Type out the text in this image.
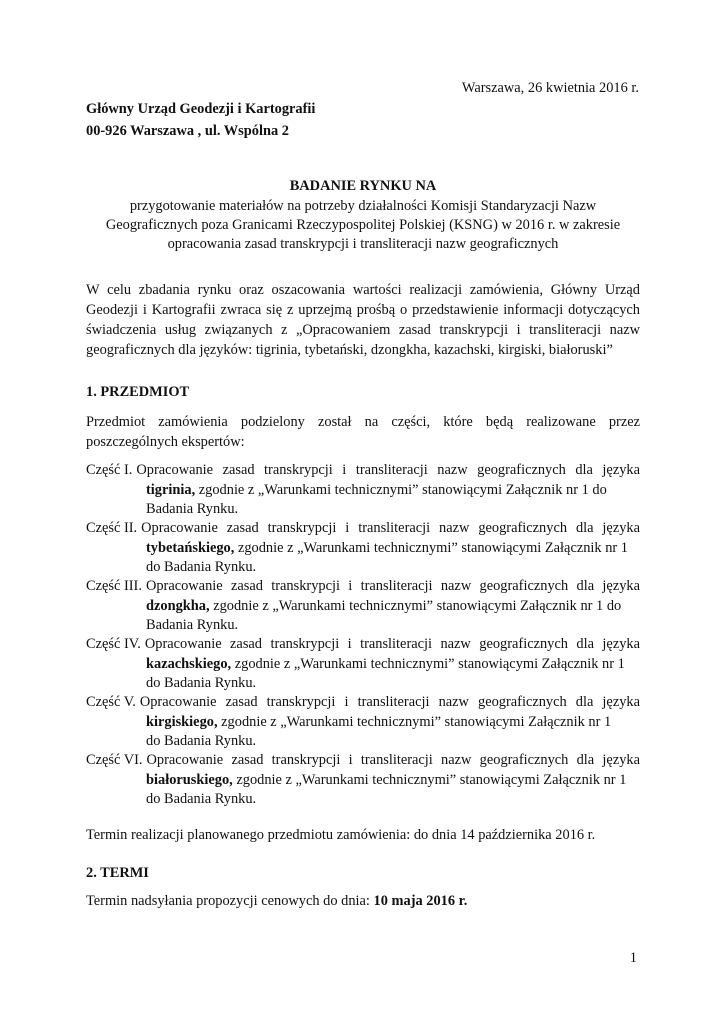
Warszawa, 26 kwietnia 2016 r.
Główny Urząd Geodezji i Kartografii
00-926 Warszawa , ul. Wspólna 2
BADANIE RYNKU NA
przygotowanie materiałów na potrzeby działalności Komisji Standaryzacji Nazw
Geograficznych poza Granicami Rzeczypospolitej Polskiej (KSNG) w 2016 r. w zakresie
opracowania zasad transkrypcji i transliteracji nazw geograficznych
W celu zbadania rynku oraz oszacowania wartości realizacji zamówienia, Główny Urząd
Geodezji i Kartografii zwraca się z uprzejmą prośbą o przedstawienie informacji dotyczących
świadczenia usług związanych z „Opracowaniem zasad transkrypcji i transliteracji nazw
geograficznych dla języków: tigrinia, tybetański, dzongkha, kazachski, kirgiski, białoruski”
1. PRZEDMIOT
Przedmiot zamówienia podzielony został na części, które będą realizowane przez
poszczególnych ekspertów:
Część I. Opracowanie zasad transkrypcji i transliteracji nazw geograficznych dla języka
tigrinia, zgodnie z „Warunkami technicznymi” stanowiącymi Załącznik nr 1 do
Badania Rynku.
Część II. Opracowanie zasad transkrypcji i transliteracji nazw geograficznych dla języka
tybetańskiego, zgodnie z „Warunkami technicznymi” stanowiącymi Załącznik nr 1
do Badania Rynku.
Część III. Opracowanie zasad transkrypcji i transliteracji nazw geograficznych dla języka
dzongkha, zgodnie z „Warunkami technicznymi” stanowiącymi Załącznik nr 1 do
Badania Rynku.
Część IV. Opracowanie zasad transkrypcji i transliteracji nazw geograficznych dla języka
kazachskiego, zgodnie z „Warunkami technicznymi” stanowiącymi Załącznik nr 1
do Badania Rynku.
Część V. Opracowanie zasad transkrypcji i transliteracji nazw geograficznych dla języka
kirgiskiego, zgodnie z „Warunkami technicznymi” stanowiącymi Załącznik nr 1
do Badania Rynku.
Część VI. Opracowanie zasad transkrypcji i transliteracji nazw geograficznych dla języka
białoruskiego, zgodnie z „Warunkami technicznymi” stanowiącymi Załącznik nr 1
do Badania Rynku.
Termin realizacji planowanego przedmiotu zamówienia: do dnia 14 października 2016 r.
2. TERMI
Termin nadsyłania propozycji cenowych do dnia: 10 maja 2016 r.
1
